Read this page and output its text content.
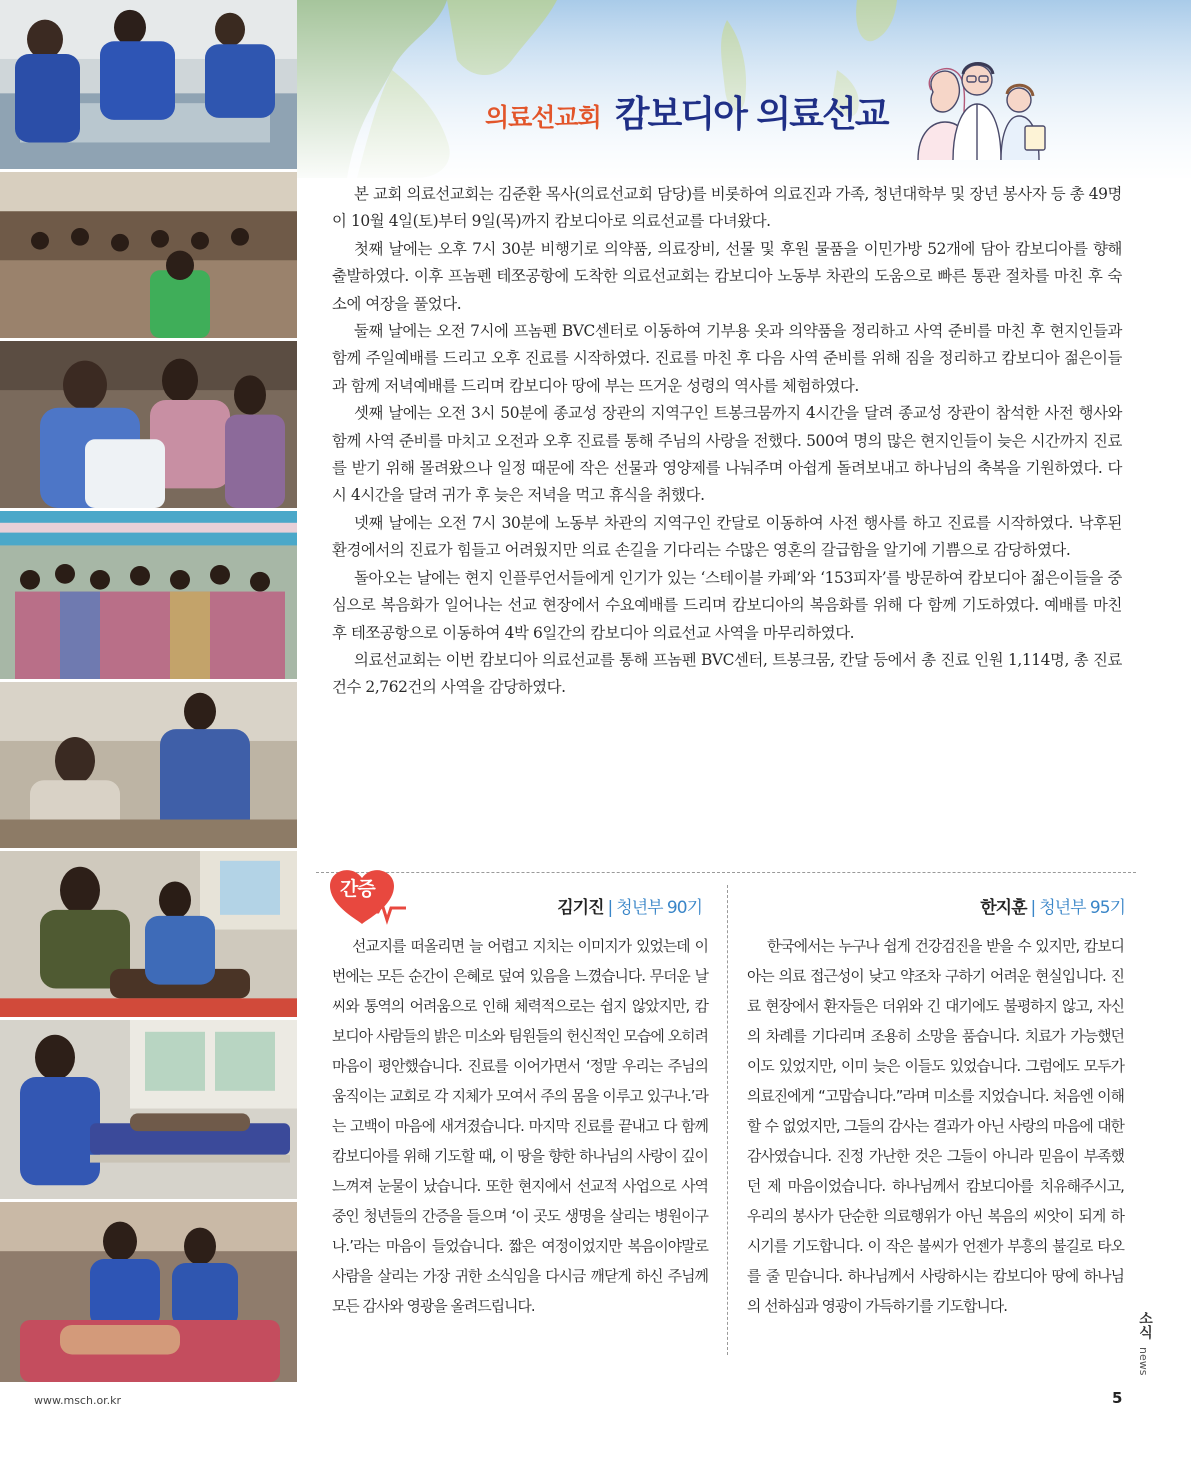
의료선교회 캄보디아 의료선교

본 교회 의료선교회는 김준환 목사(의료선교회 담당)를 비롯하여 의료진과 가족, 청년대학부 및 장년 봉사자 등 총 49명이 10월 4일(토)부터 9일(목)까지 캄보디아로 의료선교를 다녀왔다.

첫째 날에는 오후 7시 30분 비행기로 의약품, 의료장비, 선물 및 후원 물품을 이민가방 52개에 담아 캄보디아를 향해 출발하였다. 이후 프놈펜 테쪼공항에 도착한 의료선교회는 캄보디아 노동부 차관의 도움으로 빠른 통관 절차를 마친 후 숙소에 여장을 풀었다.

둘째 날에는 오전 7시에 프놈펜 BVC센터로 이동하여 기부용 옷과 의약품을 정리하고 사역 준비를 마친 후 현지인들과 함께 주일예배를 드리고 오후 진료를 시작하였다. 진료를 마친 후 다음 사역 준비를 위해 짐을 정리하고 캄보디아 젊은이들과 함께 저녁예배를 드리며 캄보디아 땅에 부는 뜨거운 성령의 역사를 체험하였다.

셋째 날에는 오전 3시 50분에 종교성 장관의 지역구인 트봉크뭄까지 4시간을 달려 종교성 장관이 참석한 사전 행사와 함께 사역 준비를 마치고 오전과 오후 진료를 통해 주님의 사랑을 전했다. 500여 명의 많은 현지인들이 늦은 시간까지 진료를 받기 위해 몰려왔으나 일정 때문에 작은 선물과 영양제를 나눠주며 아쉽게 돌려보내고 하나님의 축복을 기원하였다. 다시 4시간을 달려 귀가 후 늦은 저녁을 먹고 휴식을 취했다.

넷째 날에는 오전 7시 30분에 노동부 차관의 지역구인 칸달로 이동하여 사전 행사를 하고 진료를 시작하였다. 낙후된 환경에서의 진료가 힘들고 어려웠지만 의료 손길을 기다리는 수많은 영혼의 갈급함을 알기에 기쁨으로 감당하였다.

돌아오는 날에는 현지 인플루언서들에게 인기가 있는 ‘스테이블 카페’와 ‘153피자’를 방문하여 캄보디아 젊은이들을 중심으로 복음화가 일어나는 선교 현장에서 수요예배를 드리며 캄보디아의 복음화를 위해 다 함께 기도하였다. 예배를 마친 후 테쪼공항으로 이동하여 4박 6일간의 캄보디아 의료선교 사역을 마무리하였다.

의료선교회는 이번 캄보디아 의료선교를 통해 프놈펜 BVC센터, 트봉크뭄, 칸달 등에서 총 진료 인원 1,114명, 총 진료 건수 2,762건의 사역을 감당하였다.

간증
김기진 | 청년부 90기	한지훈 | 청년부 95기

선교지를 떠올리면 늘 어렵고 지치는 이미지가 있었는데 이번에는 모든 순간이 은혜로 덮여 있음을 느꼈습니다. 무더운 날씨와 통역의 어려움으로 인해 체력적으로는 쉽지 않았지만, 캄보디아 사람들의 밝은 미소와 팀원들의 헌신적인 모습에 오히려 마음이 평안했습니다. 진료를 이어가면서 ‘정말 우리는 주님의 움직이는 교회로 각 지체가 모여서 주의 몸을 이루고 있구나.’라는 고백이 마음에 새겨졌습니다. 마지막 진료를 끝내고 다 함께 캄보디아를 위해 기도할 때, 이 땅을 향한 하나님의 사랑이 깊이 느껴져 눈물이 났습니다. 또한 현지에서 선교적 사업으로 사역 중인 청년들의 간증을 들으며 ‘이 곳도 생명을 살리는 병원이구나.’라는 마음이 들었습니다. 짧은 여정이었지만 복음이야말로 사람을 살리는 가장 귀한 소식임을 다시금 깨닫게 하신 주님께 모든 감사와 영광을 올려드립니다.

한국에서는 누구나 쉽게 건강검진을 받을 수 있지만, 캄보디아는 의료 접근성이 낮고 약조차 구하기 어려운 현실입니다. 진료 현장에서 환자들은 더위와 긴 대기에도 불평하지 않고, 자신의 차례를 기다리며 조용히 소망을 품습니다. 치료가 가능했던 이도 있었지만, 이미 늦은 이들도 있었습니다. 그럼에도 모두가 의료진에게 “고맙습니다.”라며 미소를 지었습니다. 처음엔 이해할 수 없었지만, 그들의 감사는 결과가 아닌 사랑의 마음에 대한 감사였습니다. 진정 가난한 것은 그들이 아니라 믿음이 부족했던 제 마음이었습니다. 하나님께서 캄보디아를 치유해주시고, 우리의 봉사가 단순한 의료행위가 아닌 복음의 씨앗이 되게 하시기를 기도합니다. 이 작은 불씨가 언젠가 부흥의 불길로 타오를 줄 믿습니다. 하나님께서 사랑하시는 캄보디아 땅에 하나님의 선하심과 영광이 가득하기를 기도합니다.

소식
news
www.msch.or.kr	5
